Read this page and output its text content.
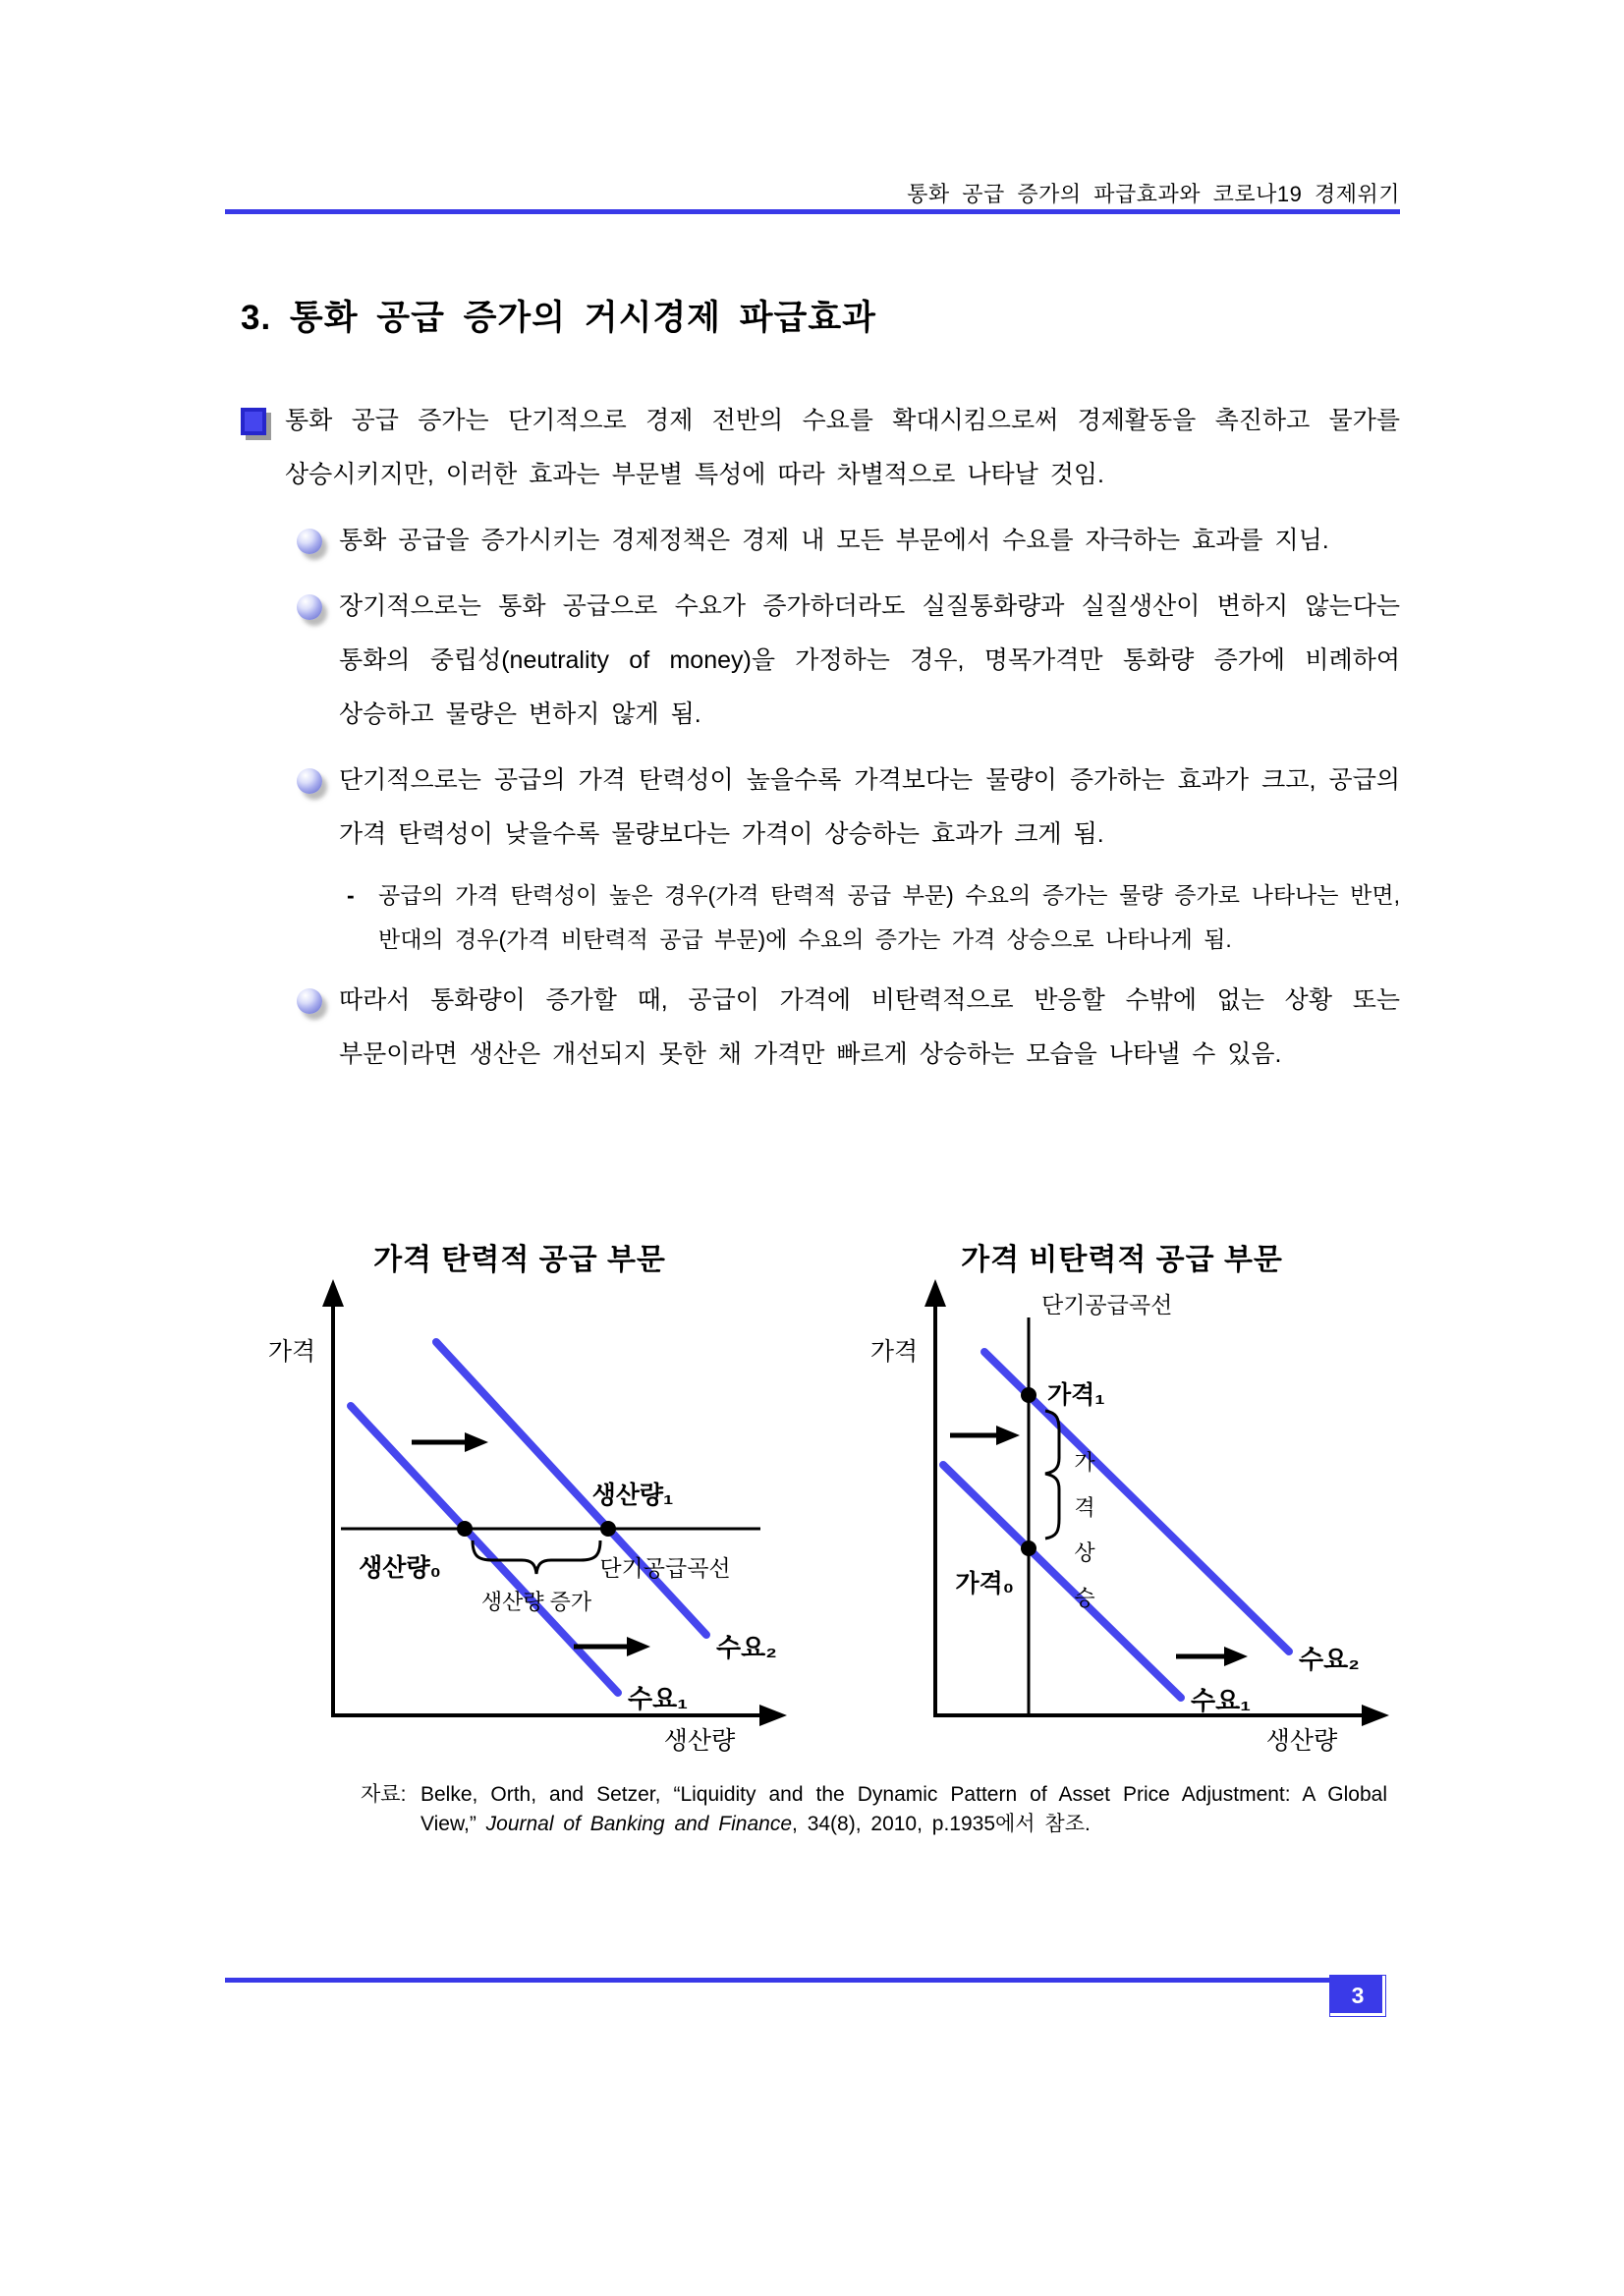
통화 공급 증가의 파급효과와 코로나19 경제위기
3. 통화 공급 증가의 거시경제 파급효과
통화 공급 증가는 단기적으로 경제 전반의 수요를 확대시킴으로써 경제활동을 촉진하고 물가를 상승시키지만, 이러한 효과는 부문별 특성에 따라 차별적으로 나타날 것임.
통화 공급을 증가시키는 경제정책은 경제 내 모든 부문에서 수요를 자극하는 효과를 지님.
장기적으로는 통화 공급으로 수요가 증가하더라도 실질통화량과 실질생산이 변하지 않는다는 통화의 중립성(neutrality of money)을 가정하는 경우, 명목가격만 통화량 증가에 비례하여 상승하고 물량은 변하지 않게 됨.
단기적으로는 공급의 가격 탄력성이 높을수록 가격보다는 물량이 증가하는 효과가 크고, 공급의 가격 탄력성이 낮을수록 물량보다는 가격이 상승하는 효과가 크게 됨.
- 공급의 가격 탄력성이 높은 경우(가격 탄력적 공급 부문) 수요의 증가는 물량 증가로 나타나는 반면, 반대의 경우(가격 비탄력적 공급 부문)에 수요의 증가는 가격 상승으로 나타나게 됨.
따라서 통화량이 증가할 때, 공급이 가격에 비탄력적으로 반응할 수밖에 없는 상황 또는 부문이라면 생산은 개선되지 못한 채 가격만 빠르게 상승하는 모습을 나타낼 수 있음.
가격 탄력적 공급 부문
가격
생산량
생산량 증가
생산량₀
생산량₁
단기공급곡선
수요₁
수요₂
가격 비탄력적 공급 부문
가격
생산량
단기공급곡선
가
격
상
승
가격₁
가격₀
수요₁
수요₂
자료: Belke, Orth, and Setzer, “Liquidity and the Dynamic Pattern of Asset Price Adjustment: A Global View,” Journal of Banking and Finance, 34(8), 2010, p.1935에서 참조.
3
